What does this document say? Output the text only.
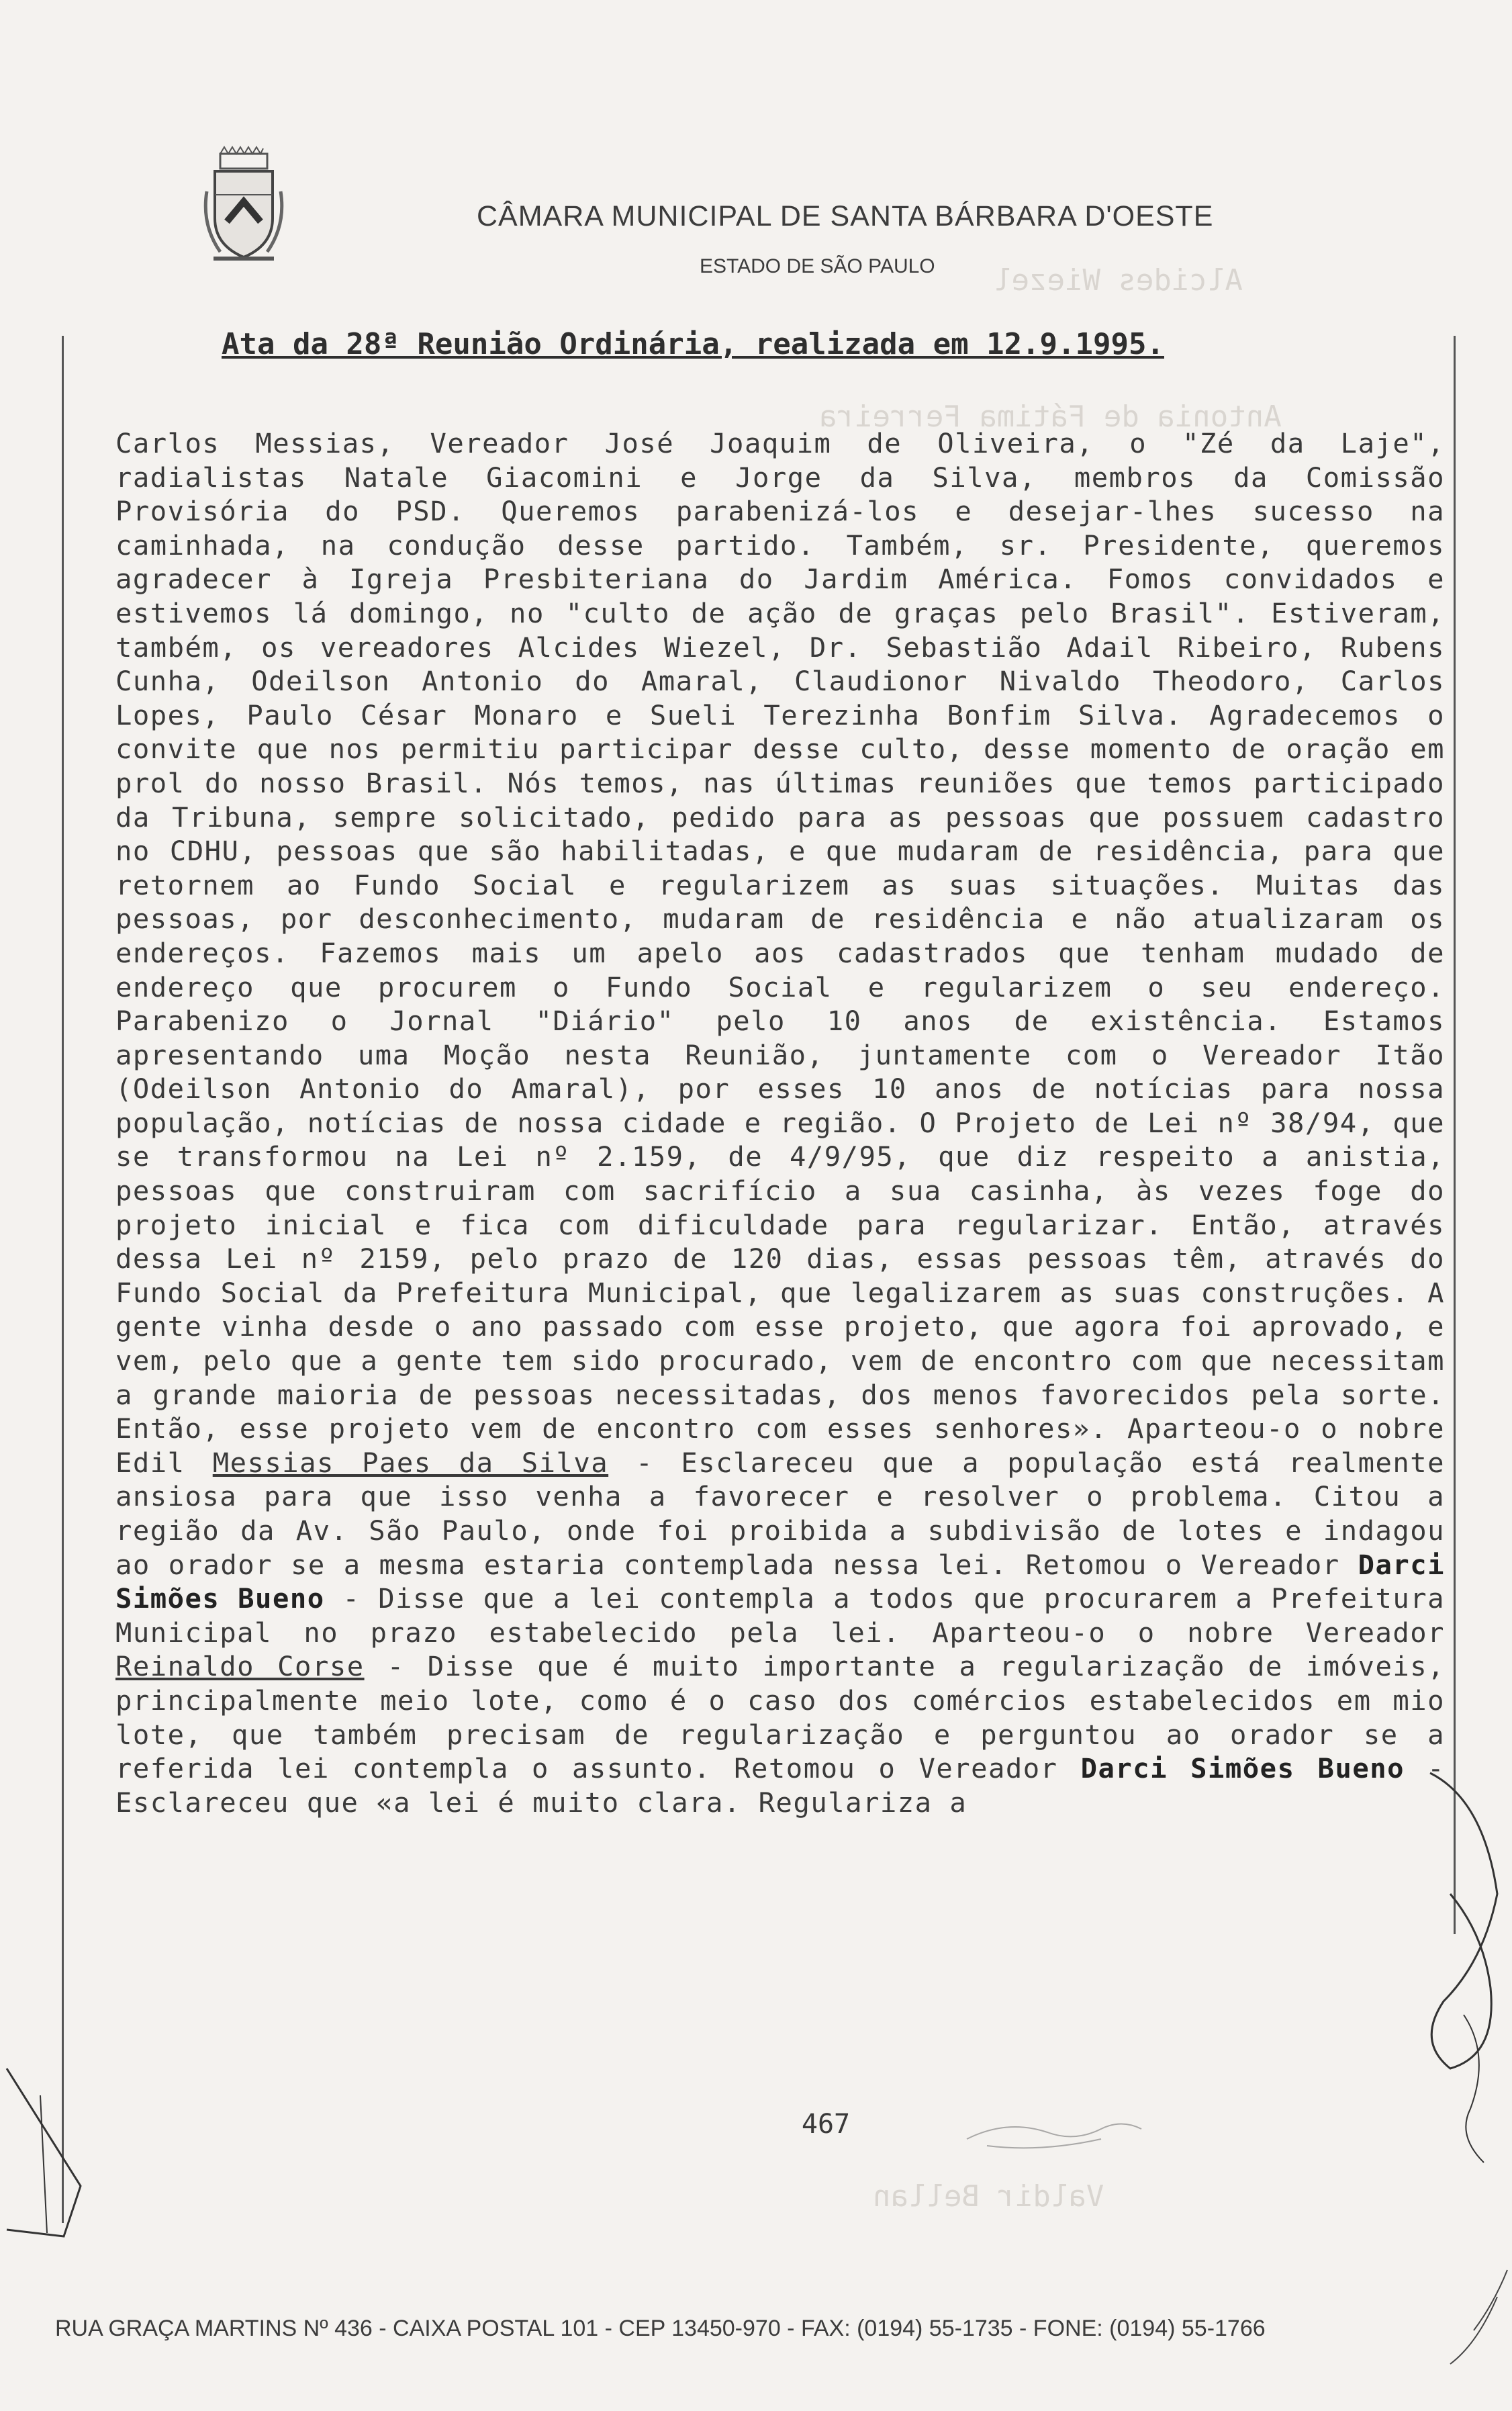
Alcides Wiezel
Antonia de Fátima Ferreira
Valdir Bellan
CÂMARA MUNICIPAL DE SANTA BÁRBARA D'OESTE
ESTADO DE SÃO PAULO
Ata da 28ª Reunião Ordinária, realizada em 12.9.1995.
Carlos Messias, Vereador José Joaquim de Oliveira, o "Zé da Laje", radialistas Natale Giacomini e Jorge da Silva, membros da Comissão Provisória do PSD. Queremos parabenizá-los e desejar-lhes sucesso na caminhada, na condução desse partido. Também, sr. Presidente, queremos agradecer à Igreja Presbiteriana do Jardim América. Fomos convidados e estivemos lá domingo, no "culto de ação de graças pelo Brasil". Estiveram, também, os vereadores Alcides Wiezel, Dr. Sebastião Adail Ribeiro, Rubens Cunha, Odeilson Antonio do Amaral, Claudionor Nivaldo Theodoro, Carlos Lopes, Paulo César Monaro e Sueli Terezinha Bonfim Silva. Agradecemos o convite que nos permitiu participar desse culto, desse momento de oração em prol do nosso Brasil. Nós temos, nas últimas reuniões que temos participado da Tribuna, sempre solicitado, pedido para as pessoas que possuem cadastro no CDHU, pessoas que são habilitadas, e que mudaram de residência, para que retornem ao Fundo Social e regularizem as suas situações. Muitas das pessoas, por desconhecimento, mudaram de residência e não atualizaram os endereços. Fazemos mais um apelo aos cadastrados que tenham mudado de endereço que procurem o Fundo Social e regularizem o seu endereço. Parabenizo o Jornal "Diário" pelo 10 anos de existência. Estamos apresentando uma Moção nesta Reunião, juntamente com o Vereador Itão (Odeilson Antonio do Amaral), por esses 10 anos de notícias para nossa população, notícias de nossa cidade e região. O Projeto de Lei nº 38/94, que se transformou na Lei nº 2.159, de 4/9/95, que diz respeito a anistia, pessoas que construiram com sacrifício a sua casinha, às vezes foge do projeto inicial e fica com dificuldade para regularizar. Então, através dessa Lei nº 2159, pelo prazo de 120 dias, essas pessoas têm, através do Fundo Social da Prefeitura Municipal, que legalizarem as suas construções. A gente vinha desde o ano passado com esse projeto, que agora foi aprovado, e vem, pelo que a gente tem sido procurado, vem de encontro com que necessitam a grande maioria de pessoas necessitadas, dos menos favorecidos pela sorte. Então, esse projeto vem de encontro com esses senhores». Aparteou-o o nobre Edil Messias Paes da Silva - Esclareceu que a população está realmente ansiosa para que isso venha a favorecer e resolver o problema. Citou a região da Av. São Paulo, onde foi proibida a subdivisão de lotes e indagou ao orador se a mesma estaria contemplada nessa lei. Retomou o Vereador Darci Simões Bueno - Disse que a lei contempla a todos que procurarem a Prefeitura Municipal no prazo estabelecido pela lei. Aparteou-o o nobre Vereador Reinaldo Corse - Disse que é muito importante a regularização de imóveis, principalmente meio lote, como é o caso dos comércios estabelecidos em mio lote, que também precisam de regularização e perguntou ao orador se a referida lei contempla o assunto. Retomou o Vereador Darci Simões Bueno - Esclareceu que «a lei é muito clara. Regulariza a
467
RUA GRAÇA MARTINS Nº 436 - CAIXA POSTAL 101 - CEP 13450-970 - FAX: (0194) 55-1735 - FONE: (0194) 55-1766
